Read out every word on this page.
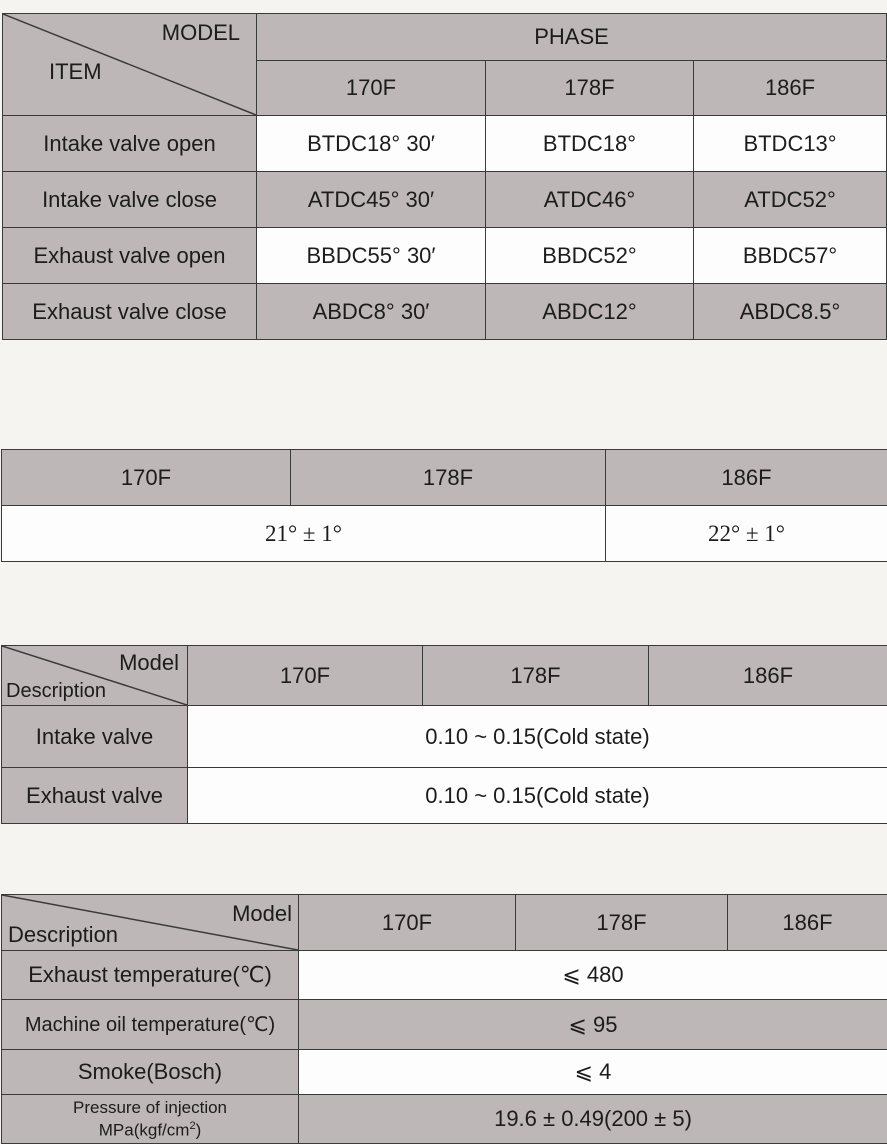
MODEL
ITEM	PHASE		
	170F	178F	186F
Intake valve open	BTDC18° 30′	BTDC18°	BTDC13°
Intake valve close	ATDC45° 30′	ATDC46°	ATDC52°
Exhaust valve open	BBDC55° 30′	BBDC52°	BBDC57°
Exhaust valve close	ABDC8° 30′	ABDC12°	ABDC8.5°
170F	178F	186F
21° ± 1°		22° ± 1°
Model
Description	170F	178F	186F
Intake valve	0.10 ~ 0.15(Cold state)		
Exhaust valve	0.10 ~ 0.15(Cold state)		
Model
Description	170F	178F	186F
Exhaust temperature(℃)	⩽ 480		
Machine oil temperature(℃)	⩽ 95		
Smoke(Bosch)	⩽ 4		

Pressure of injection
$MPa(kgf/cm^2)$	19.6 ± 0.49(200 ± 5)		
